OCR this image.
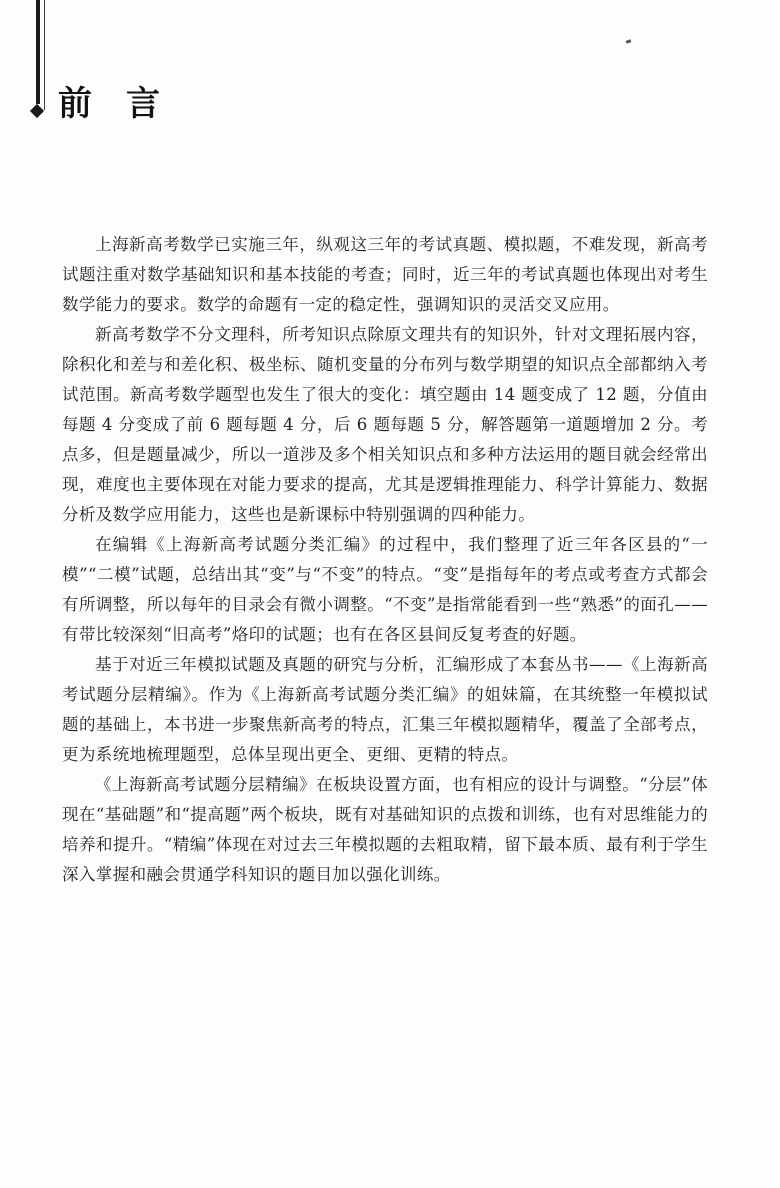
前言

上海新高考数学已实施三年，纵观这三年的考试真题、模拟题，不难发现，新高考试题注重对数学基础知识和基本技能的考查；同时，近三年的考试真题也体现出对考生数学能力的要求。数学的命题有一定的稳定性，强调知识的灵活交叉应用。

新高考数学不分文理科，所考知识点除原文理共有的知识外，针对文理拓展内容，除积化和差与和差化积、极坐标、随机变量的分布列与数学期望的知识点全部都纳入考试范围。新高考数学题型也发生了很大的变化：填空题由 14 题变成了 12 题，分值由每题 4 分变成了前 6 题每题 4 分，后 6 题每题 5 分，解答题第一道题增加 2 分。考点多，但是题量减少，所以一道涉及多个相关知识点和多种方法运用的题目就会经常出现，难度也主要体现在对能力要求的提高，尤其是逻辑推理能力、科学计算能力、数据分析及数学应用能力，这些也是新课标中特别强调的四种能力。

在编辑《上海新高考试题分类汇编》的过程中，我们整理了近三年各区县的“一模”“二模”试题，总结出其“变”与“不变”的特点。“变”是指每年的考点或考查方式都会有所调整，所以每年的目录会有微小调整。“不变”是指常能看到一些“熟悉”的面孔——有带比较深刻“旧高考”烙印的试题；也有在各区县间反复考查的好题。

基于对近三年模拟试题及真题的研究与分析，汇编形成了本套丛书——《上海新高考试题分层精编》。作为《上海新高考试题分类汇编》的姐妹篇，在其统整一年模拟试题的基础上，本书进一步聚焦新高考的特点，汇集三年模拟题精华，覆盖了全部考点，更为系统地梳理题型，总体呈现出更全、更细、更精的特点。

《上海新高考试题分层精编》在板块设置方面，也有相应的设计与调整。“分层”体现在“基础题”和“提高题”两个板块，既有对基础知识的点拨和训练，也有对思维能力的培养和提升。“精编”体现在对过去三年模拟题的去粗取精，留下最本质、最有利于学生深入掌握和融会贯通学科知识的题目加以强化训练。
